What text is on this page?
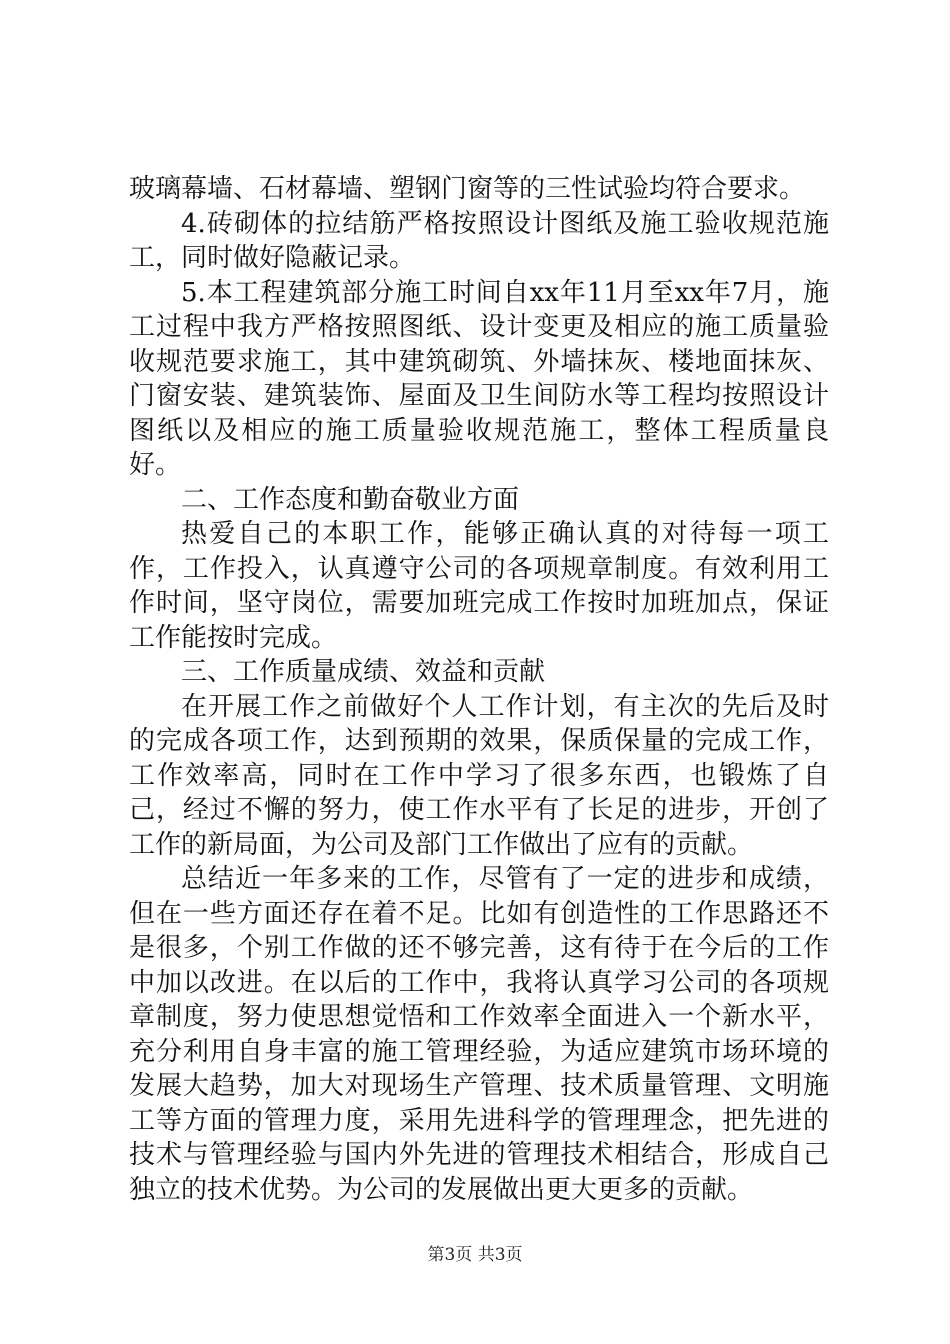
玻璃幕墙、石材幕墙、塑钢门窗等的三性试验均符合要求。

4.砖砌体的拉结筋严格按照设计图纸及施工验收规范施工，同时做好隐蔽记录。

5.本工程建筑部分施工时间自xx年11月至xx年7月，施工过程中我方严格按照图纸、设计变更及相应的施工质量验收规范要求施工，其中建筑砌筑、外墙抹灰、楼地面抹灰、门窗安装、建筑装饰、屋面及卫生间防水等工程均按照设计图纸以及相应的施工质量验收规范施工，整体工程质量良好。

二、工作态度和勤奋敬业方面

热爱自己的本职工作，能够正确认真的对待每一项工作，工作投入，认真遵守公司的各项规章制度。有效利用工作时间，坚守岗位，需要加班完成工作按时加班加点，保证工作能按时完成。

三、工作质量成绩、效益和贡献

在开展工作之前做好个人工作计划，有主次的先后及时的完成各项工作，达到预期的效果，保质保量的完成工作，工作效率高，同时在工作中学习了很多东西，也锻炼了自己，经过不懈的努力，使工作水平有了长足的进步，开创了工作的新局面，为公司及部门工作做出了应有的贡献。

总结近一年多来的工作，尽管有了一定的进步和成绩，但在一些方面还存在着不足。比如有创造性的工作思路还不是很多，个别工作做的还不够完善，这有待于在今后的工作中加以改进。在以后的工作中，我将认真学习公司的各项规章制度，努力使思想觉悟和工作效率全面进入一个新水平，充分利用自身丰富的施工管理经验，为适应建筑市场环境的发展大趋势，加大对现场生产管理、技术质量管理、文明施工等方面的管理力度，采用先进科学的管理理念，把先进的技术与管理经验与国内外先进的管理技术相结合，形成自己独立的技术优势。为公司的发展做出更大更多的贡献。

第3页 共3页
